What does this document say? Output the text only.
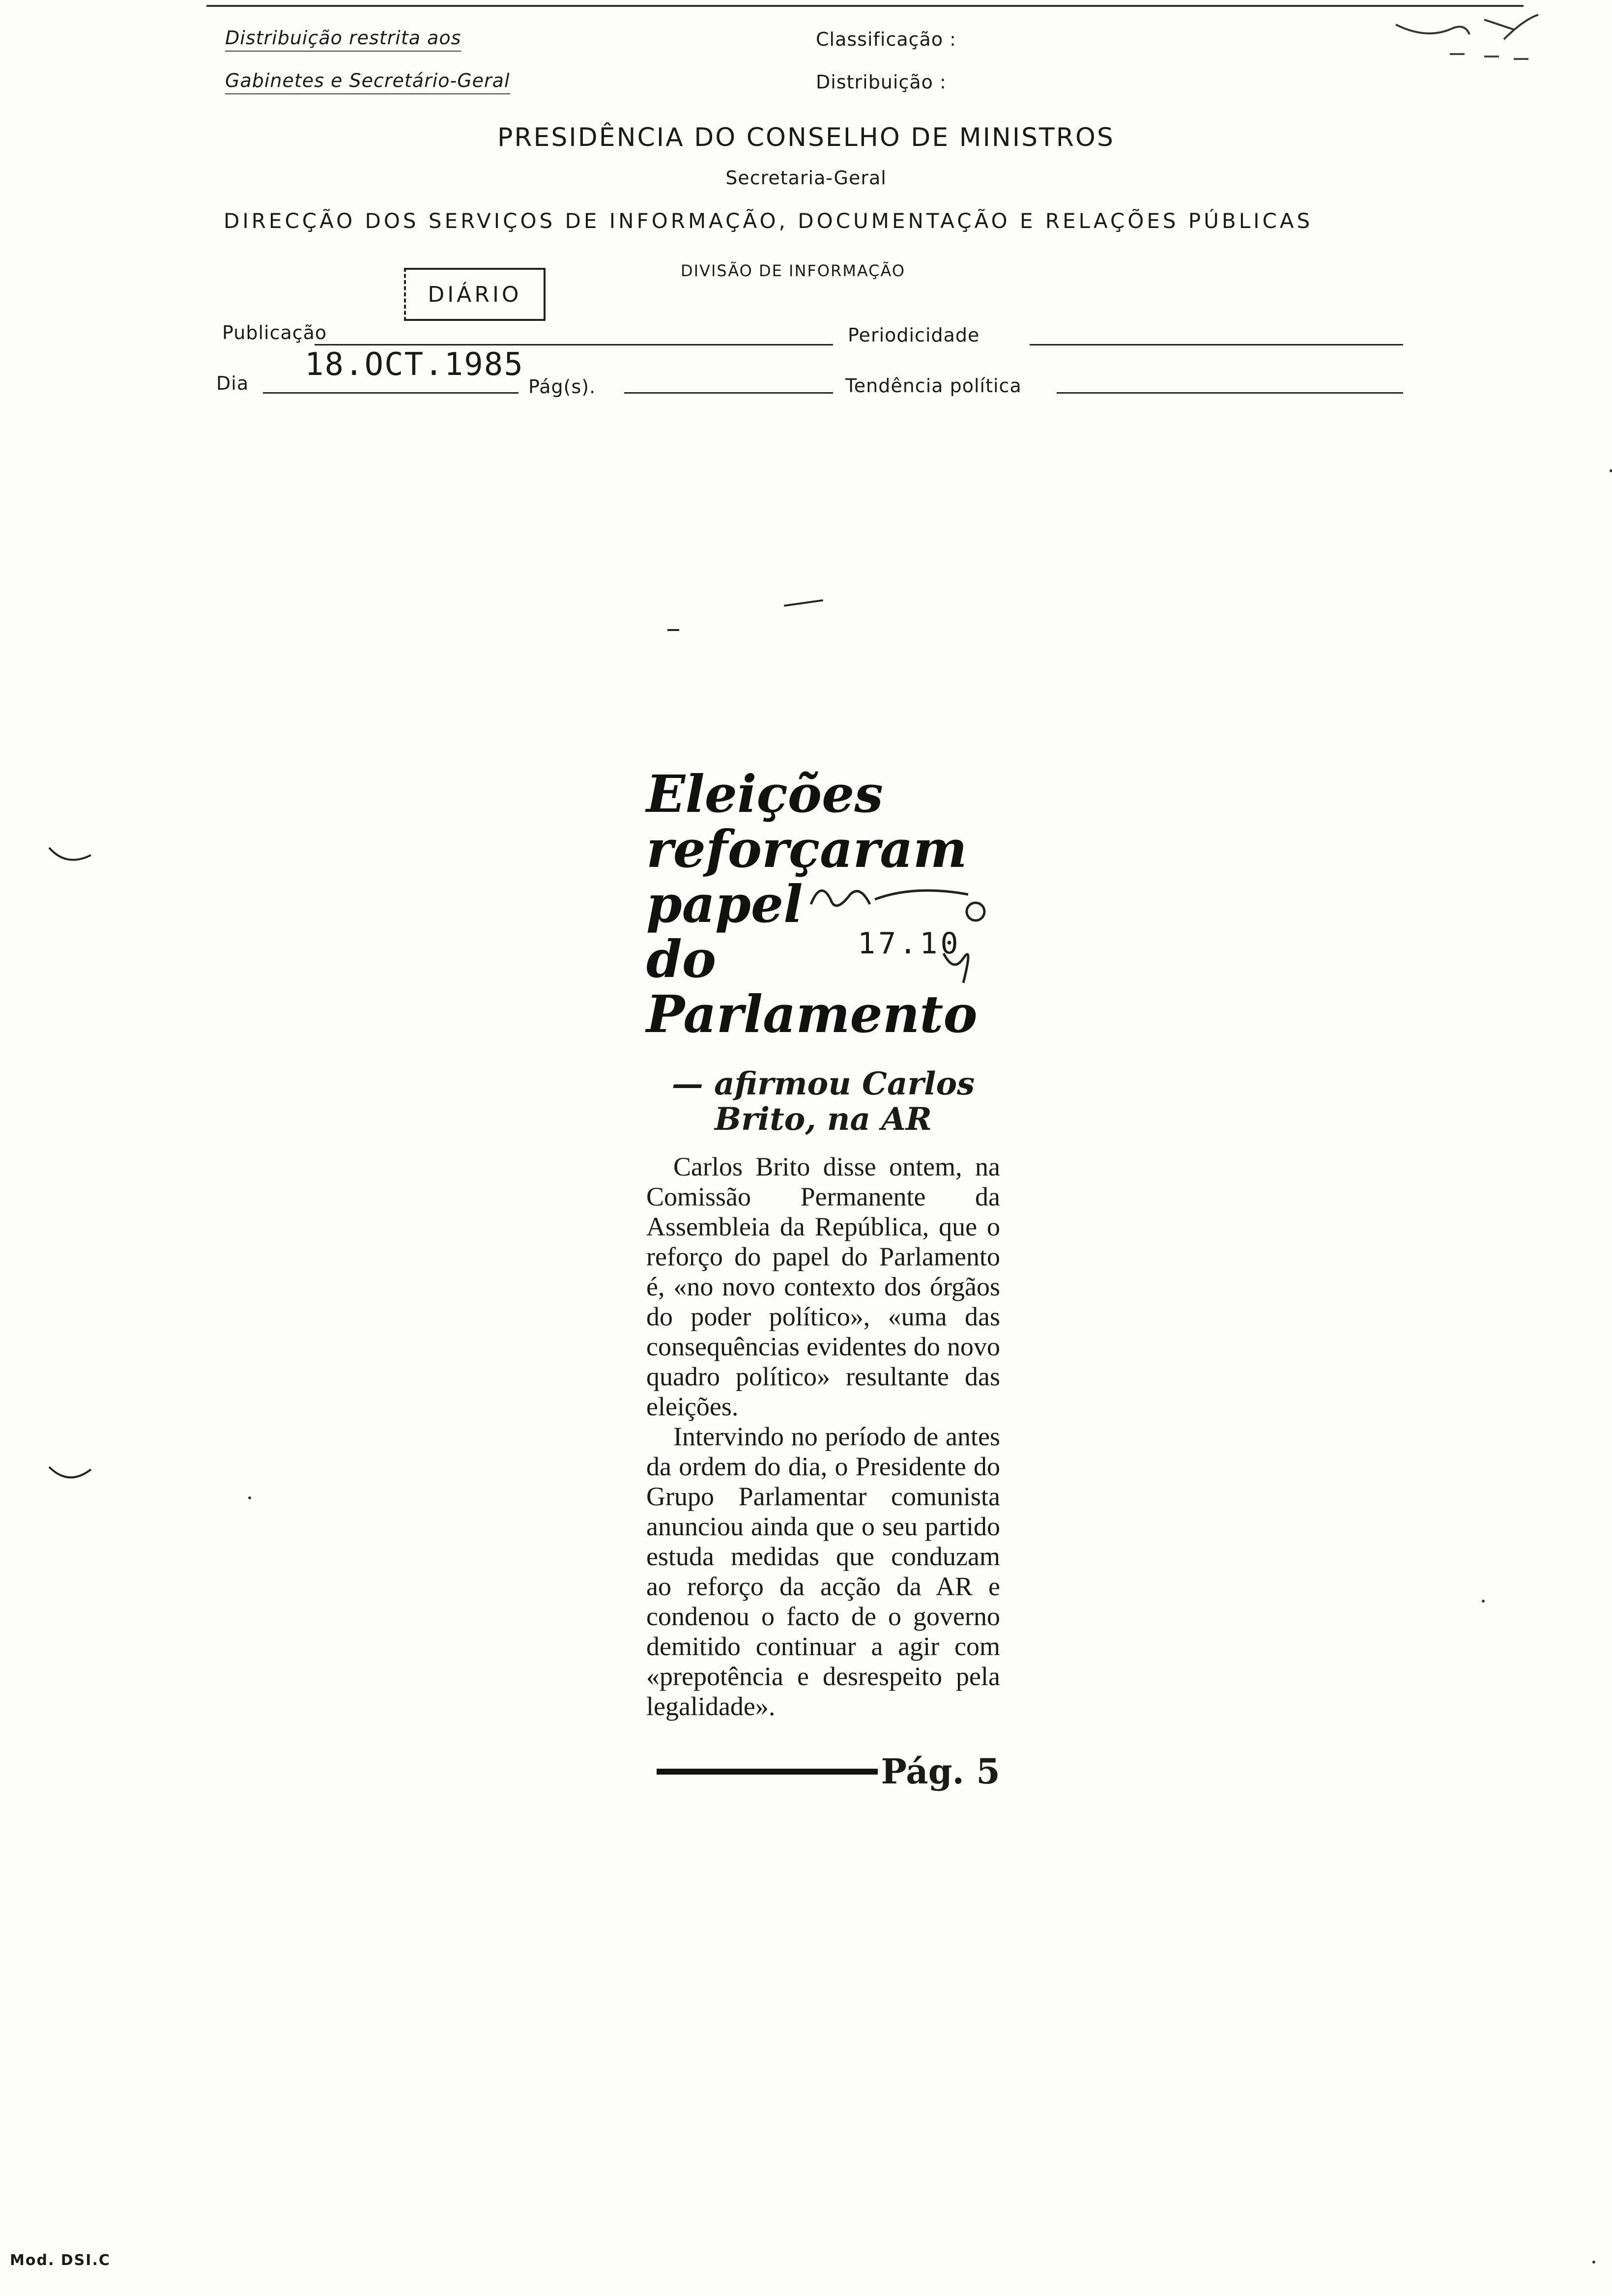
Distribuição restrita aos
Gabinetes e Secretário-Geral
Classificação :
Distribuição :
PRESIDÊNCIA DO CONSELHO DE MINISTROS
Secretaria-Geral
DIRECÇÃO DOS SERVIÇOS DE INFORMAÇÃO, DOCUMENTAÇÃO E RELAÇÕES PÚBLICAS
DIVISÃO DE INFORMAÇÃO
DIÁRIO
Publicação	Periodicidade
Dia
18.OCT.1985
Pág(s).	Tendência política
Eleições
reforçaram
papel
do
Parlamento
— afirmou Carlos
Brito, na AR

Carlos Brito disse ontem, na Comissão Permanente da Assembleia da República, que o reforço do papel do Parlamento é, «no novo contexto dos órgãos do poder político», «uma das consequências evidentes do novo quadro político» resultante das eleições.

Intervindo no período de antes da ordem do dia, o Presidente do Grupo Parlamentar comunista anunciou ainda que o seu partido estuda medidas que conduzam ao reforço da acção da AR e condenou o facto de o governo demitido continuar a agir com «prepotência e desrespeito pela legalidade».

Pág. 5
17.10
Mod. DSI.C
